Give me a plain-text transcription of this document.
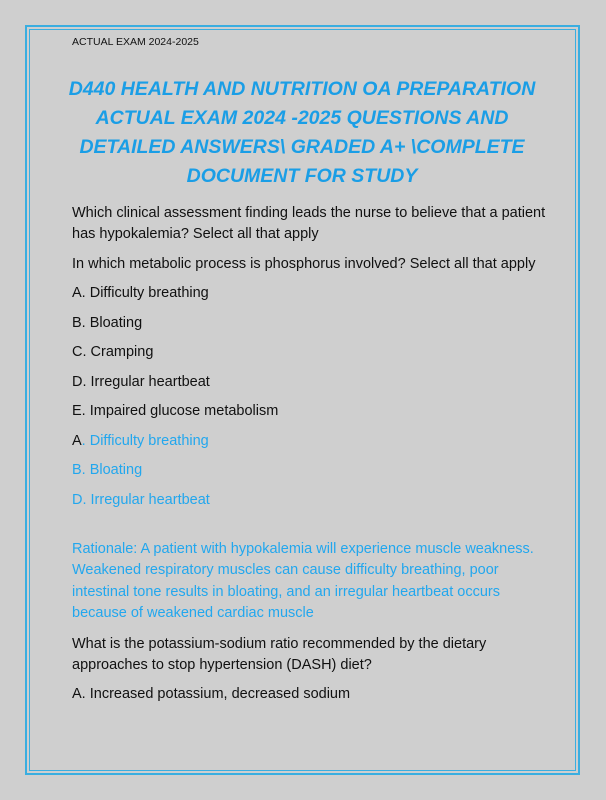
ACTUAL EXAM 2024-2025
D440 HEALTH AND NUTRITION OA PREPARATION ACTUAL EXAM 2024 -2025 QUESTIONS AND DETAILED ANSWERS\ GRADED A+ \COMPLETE DOCUMENT FOR STUDY
Which clinical assessment finding leads the nurse to believe that a patient has hypokalemia? Select all that apply
In which metabolic process is phosphorus involved? Select all that apply
A. Difficulty breathing
B. Bloating
C. Cramping
D. Irregular heartbeat
E. Impaired glucose metabolism
A. Difficulty breathing
B. Bloating
D. Irregular heartbeat
Rationale: A patient with hypokalemia will experience muscle weakness. Weakened respiratory muscles can cause difficulty breathing, poor intestinal tone results in bloating, and an irregular heartbeat occurs because of weakened cardiac muscle
What is the potassium-sodium ratio recommended by the dietary approaches to stop hypertension (DASH) diet?
A. Increased potassium, decreased sodium
